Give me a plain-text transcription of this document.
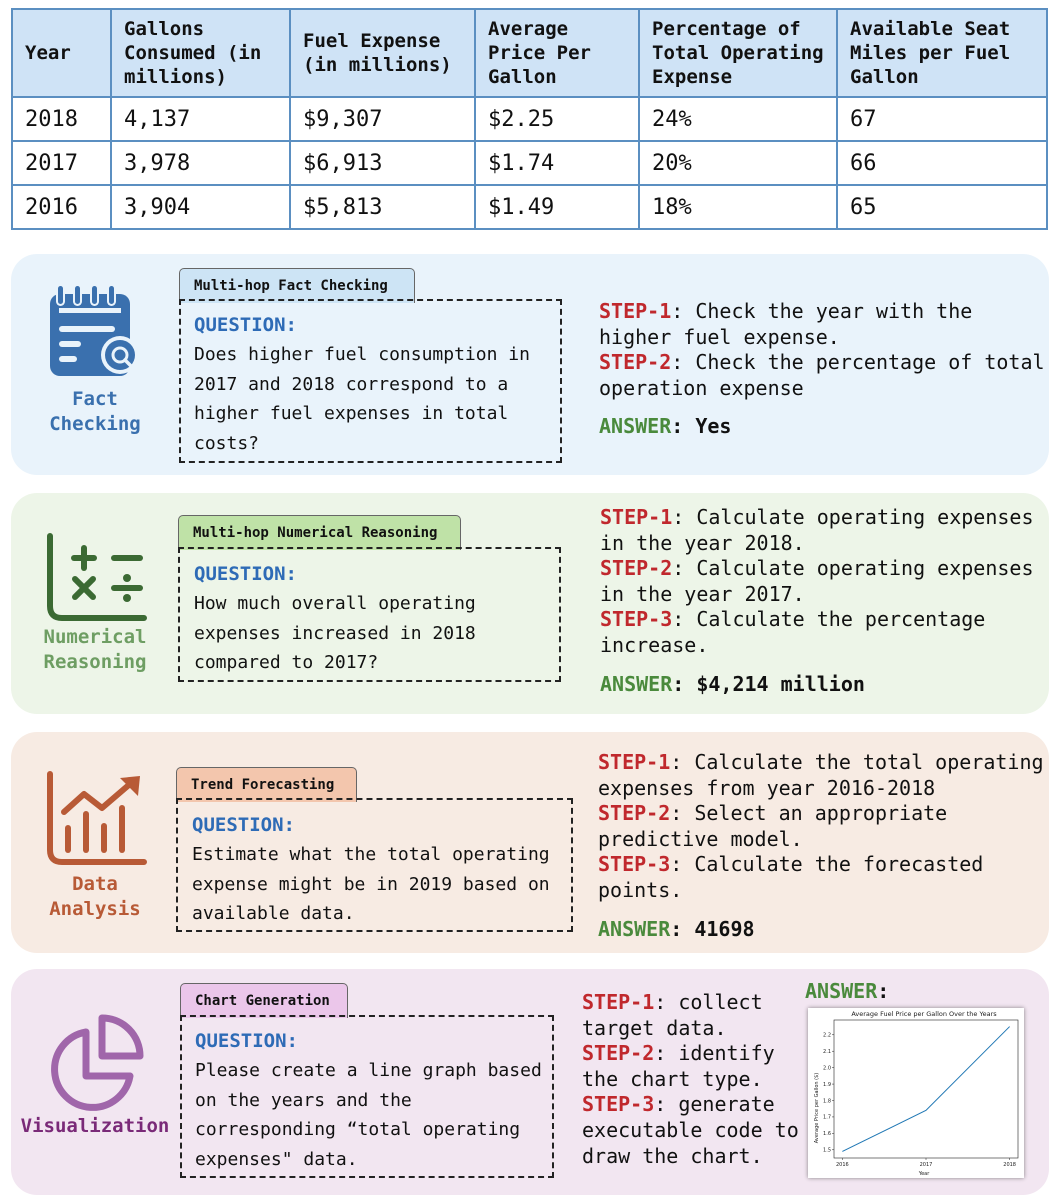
Year	Gallons Consumed (in millions)	Fuel Expense (in millions)	Average Price Per Gallon	Percentage of Total Operating Expense	Available Seat Miles per Fuel Gallon
2018	4,137	$9,307	$2.25	24%	67
2017	3,978	$6,913	$1.74	20%	66
2016	3,904	$5,813	$1.49	18%	65
Fact
Checking
Multi-hop Fact Checking
QUESTION:
Does higher fuel consumption in
2017 and 2018 correspond to a
higher fuel expenses in total
costs?
STEP-1: Check the year with the
higher fuel expense.
STEP-2: Check the percentage of total
operation expense
ANSWER: Yes
Numerical
Reasoning
Multi-hop Numerical Reasoning
QUESTION:
How much overall operating
expenses increased in 2018
compared to 2017?
STEP-1: Calculate operating expenses
in the year 2018.
STEP-2: Calculate operating expenses
in the year 2017.
STEP-3: Calculate the percentage
increase.
ANSWER: $4,214 million
Data
Analysis
Trend Forecasting
QUESTION:
Estimate what the total operating
expense might be in 2019 based on
available data.
STEP-1: Calculate the total operating
expenses from year 2016-2018
STEP-2: Select an appropriate
predictive model.
STEP-3: Calculate the forecasted
points.
ANSWER: 41698
Visualization
Chart Generation
QUESTION:
Please create a line graph based
on the years and the
corresponding “total operating
expenses" data.
STEP-1: collect
target data.
STEP-2: identify
the chart type.
STEP-3: generate
executable code to
draw the chart.
ANSWER:
Average Fuel Price per Gallon Over the Years
Average Price per Gallon ($)
Year
1.5
1.6
1.7
1.8
1.9
2.0
2.1
2.2
2016	2017	2018
